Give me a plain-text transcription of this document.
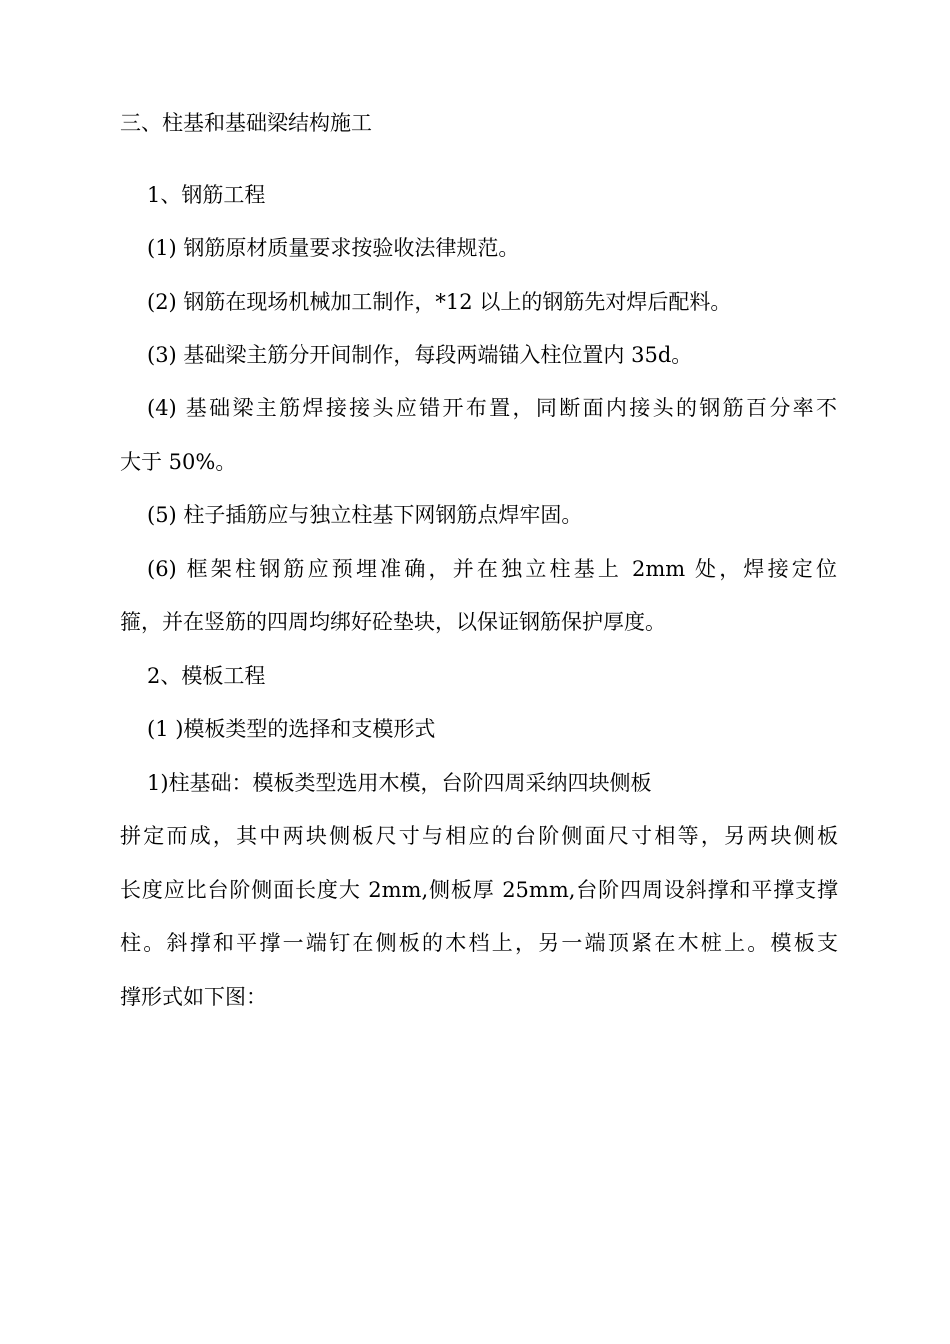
三、柱基和基础梁结构施工
1、钢筋工程
(1) 钢筋原材质量要求按验收法律规范。
(2) 钢筋在现场机械加工制作，*12 以上的钢筋先对焊后配料。
(3) 基础梁主筋分开间制作，每段两端锚入柱位置内 35d。
(4) 基础梁主筋焊接接头应错开布置，同断面内接头的钢筋百分率不
大于 50%。
(5) 柱子插筋应与独立柱基下网钢筋点焊牢固。
(6) 框架柱钢筋应预埋准确，并在独立柱基上 2mm 处，焊接定位
箍，并在竖筋的四周均绑好砼垫块，以保证钢筋保护厚度。
2、模板工程
(1 )模板类型的选择和支模形式
1)柱基础：模板类型选用木模，台阶四周采纳四块侧板
拼定而成，其中两块侧板尺寸与相应的台阶侧面尺寸相等，另两块侧板
长度应比台阶侧面长度大 2mm,侧板厚 25mm,台阶四周设斜撑和平撑支撑
柱。斜撑和平撑一端钉在侧板的木档上，另一端顶紧在木桩上。模板支
撑形式如下图：
